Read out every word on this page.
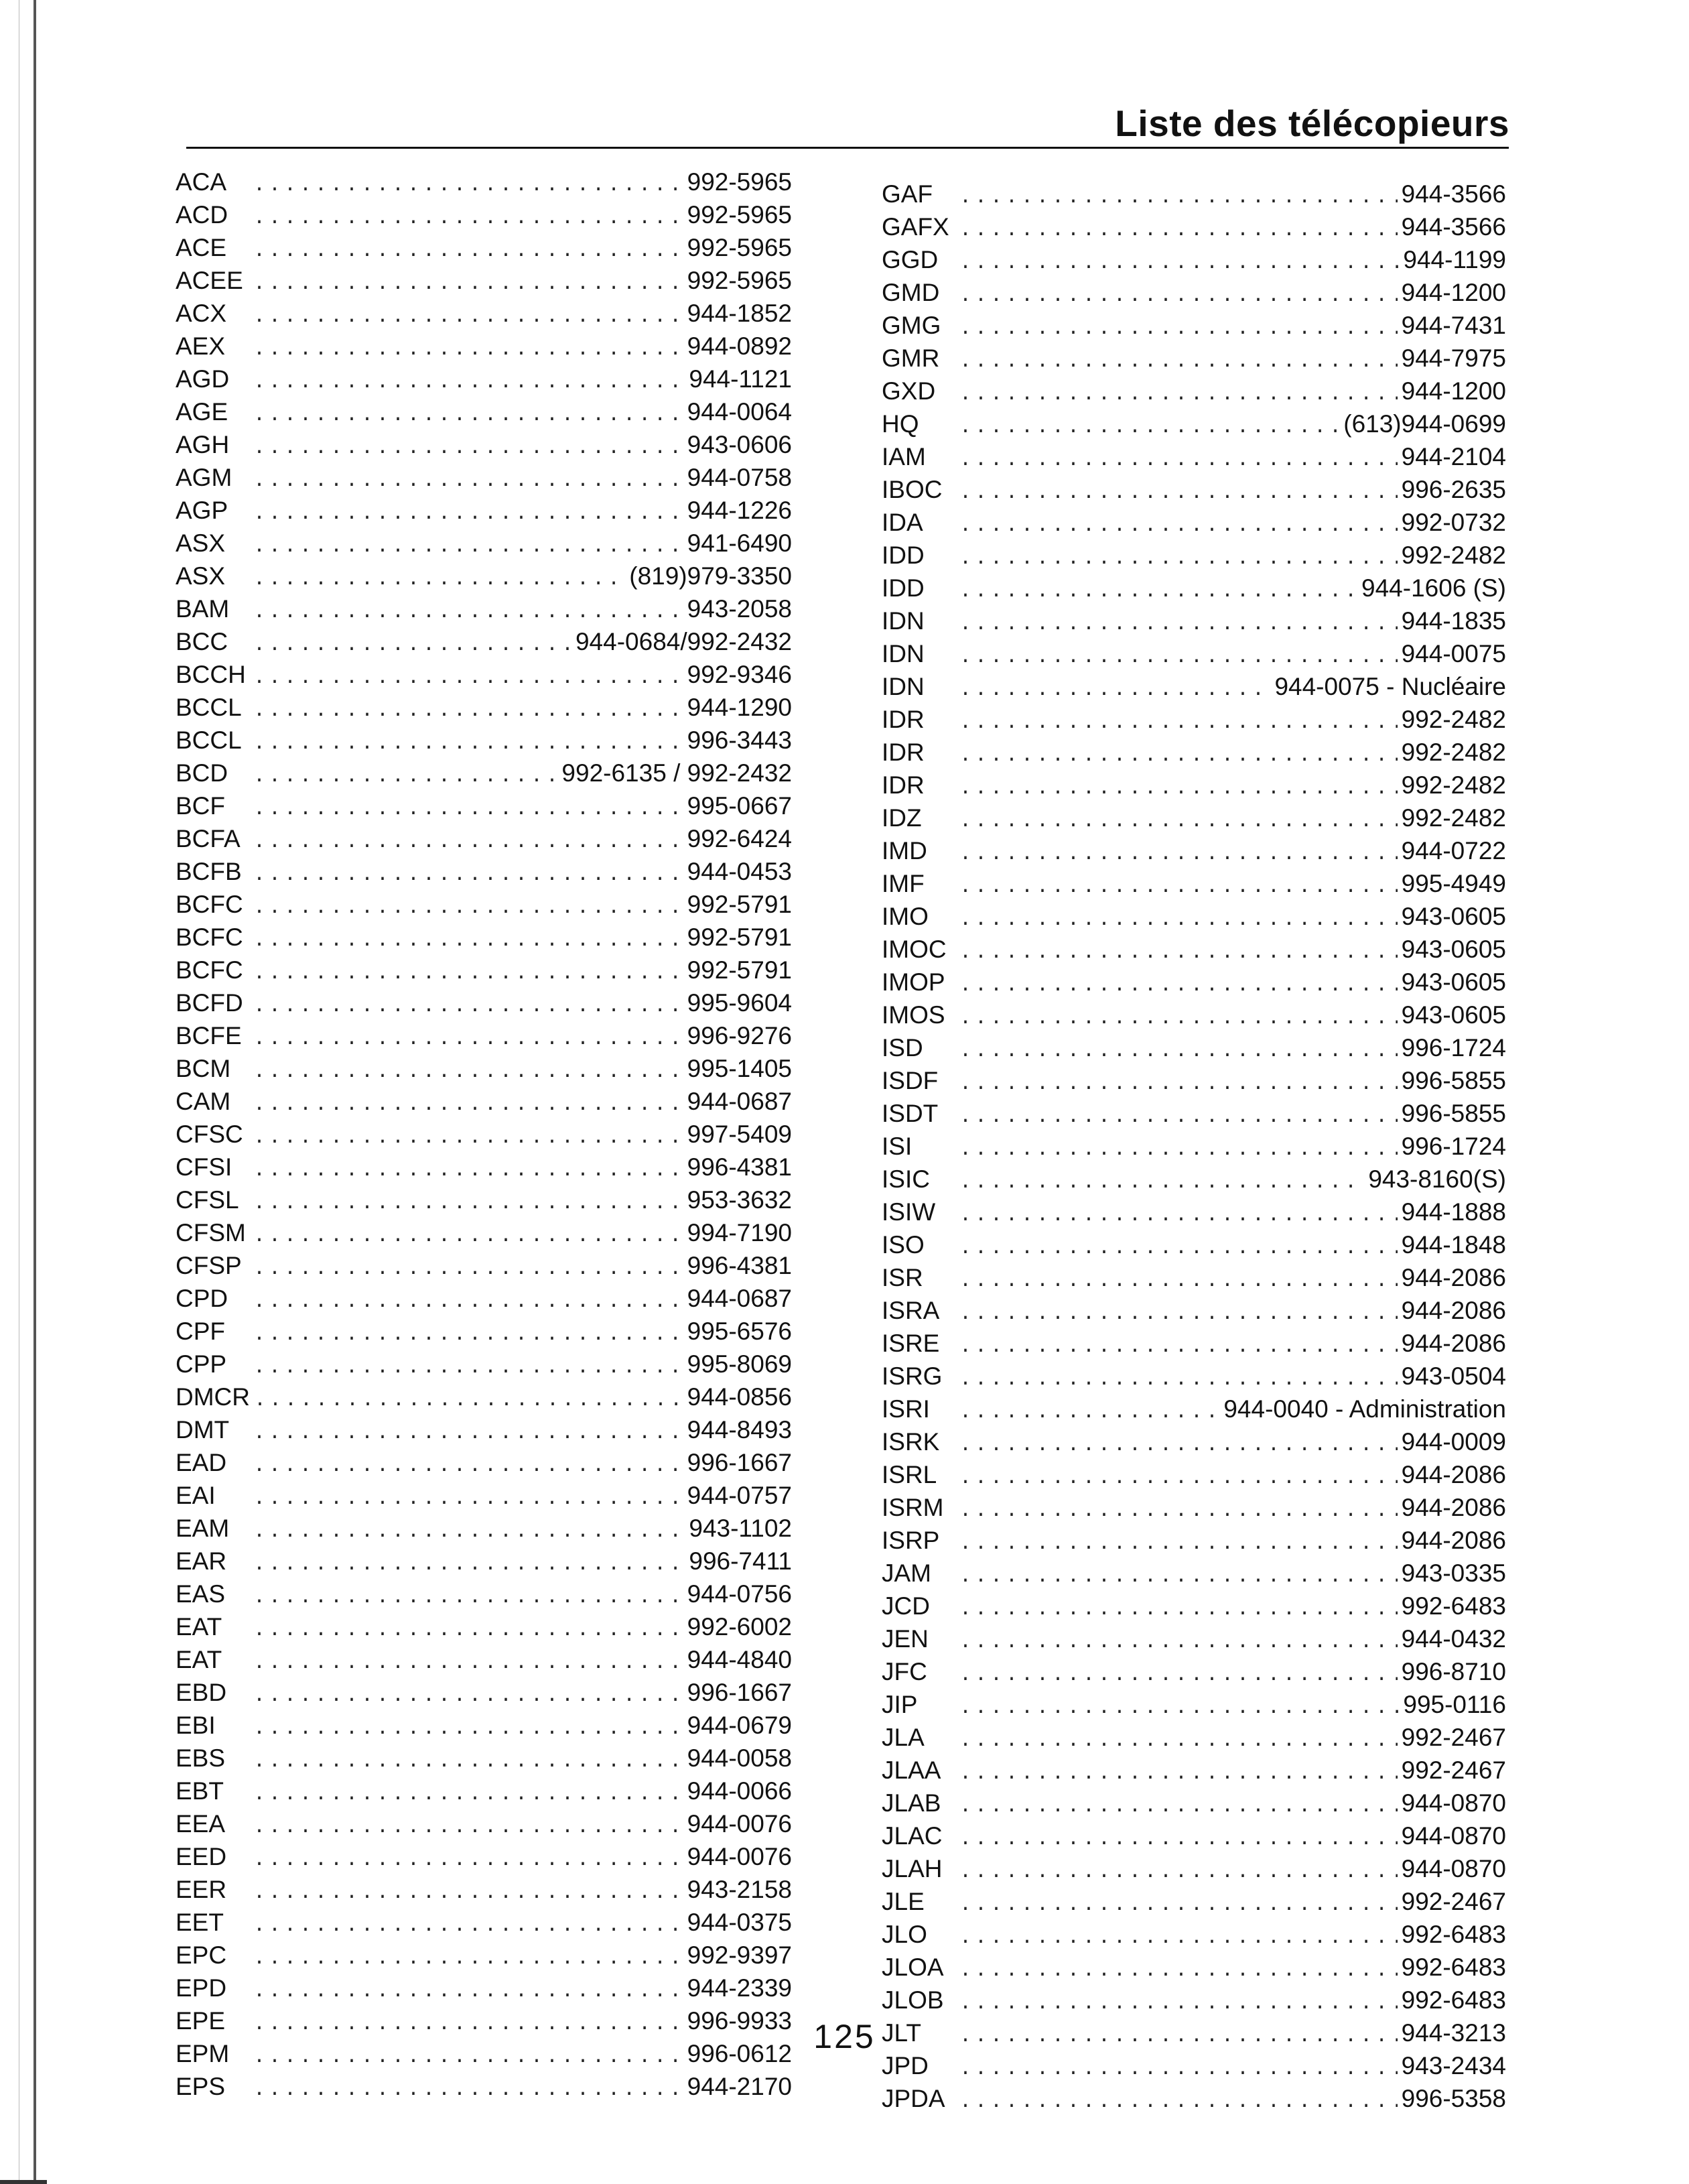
Liste des télécopieurs
ACA .....	992-5965
ACD .....	992-5965
ACE .....	992-5965
ACEE .....	992-5965
ACX .....	944-1852
AEX .....	944-0892
AGD .....	944-1121
AGE .....	944-0064
AGH .....	943-0606
AGM .....	944-0758
AGP .....	944-1226
ASX .....	941-6490
ASX .....	(819)979-3350
BAM .....	943-2058
BCC .....	944-0684/992-2432
BCCH .....	992-9346
BCCL .....	944-1290
BCCL .....	996-3443
BCD .....	992-6135 / 992-2432
BCF .....	995-0667
BCFA .....	992-6424
BCFB .....	944-0453
BCFC .....	992-5791
BCFC .....	992-5791
BCFC .....	992-5791
BCFD .....	995-9604
BCFE .....	996-9276
BCM .....	995-1405
CAM .....	944-0687
CFSC .....	997-5409
CFSI .....	996-4381
CFSL .....	953-3632
CFSM .....	994-7190
CFSP .....	996-4381
CPD .....	944-0687
CPF .....	995-6576
CPP .....	995-8069
DMCR .....	944-0856
DMT .....	944-8493
EAD .....	996-1667
EAI .....	944-0757
EAM .....	943-1102
EAR .....	996-7411
EAS .....	944-0756
EAT .....	992-6002
EAT .....	944-4840
EBD .....	996-1667
EBI .....	944-0679
EBS .....	944-0058
EBT .....	944-0066
EEA .....	944-0076
EED .....	944-0076
EER .....	943-2158
EET .....	944-0375
EPC .....	992-9397
EPD .....	944-2339
EPE .....	996-9933
EPM .....	996-0612
EPS .....	944-2170
GAF .....	944-3566
GAFX .....	944-3566
GGD .....	944-1199
GMD .....	944-1200
GMG .....	944-7431
GMR .....	944-7975
GXD .....	944-1200
HQ .....	(613)944-0699
IAM .....	944-2104
IBOC .....	996-2635
IDA .....	992-0732
IDD .....	992-2482
IDD .....	944-1606 (S)
IDN .....	944-1835
IDN .....	944-0075
IDN .....	944-0075 - Nucléaire
IDR .....	992-2482
IDR .....	992-2482
IDR .....	992-2482
IDZ .....	992-2482
IMD .....	944-0722
IMF .....	995-4949
IMO .....	943-0605
IMOC .....	943-0605
IMOP .....	943-0605
IMOS .....	943-0605
ISD .....	996-1724
ISDF .....	996-5855
ISDT .....	996-5855
ISI .....	996-1724
ISIC .....	943-8160(S)
ISIW .....	944-1888
ISO .....	944-1848
ISR .....	944-2086
ISRA .....	944-2086
ISRE .....	944-2086
ISRG .....	943-0504
ISRI .....	944-0040 - Administration
ISRK .....	944-0009
ISRL .....	944-2086
ISRM .....	944-2086
ISRP .....	944-2086
JAM .....	943-0335
JCD .....	992-6483
JEN .....	944-0432
JFC .....	996-8710
JIP .....	995-0116
JLA .....	992-2467
JLAA .....	992-2467
JLAB .....	944-0870
JLAC .....	944-0870
JLAH .....	944-0870
JLE .....	992-2467
JLO .....	992-6483
JLOA .....	992-6483
JLOB .....	992-6483
JLT .....	944-3213
JPD .....	943-2434
JPDA .....	996-5358
125
